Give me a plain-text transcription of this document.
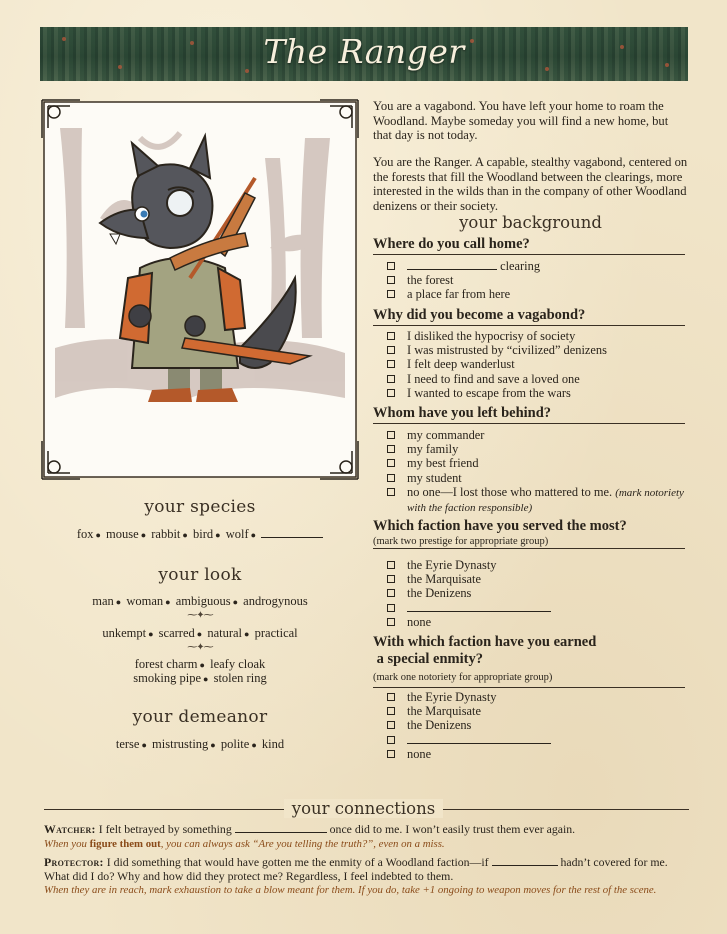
The Ranger
your species
fox ● mouse ● rabbit ● bird ● wolf ●
your look
man ● woman ● ambiguous ● androgynous
⁓✦⁓
unkempt ● scarred ● natural ● practical
⁓✦⁓
forest charm ● leafy cloak
smoking pipe ● stolen ring
your demeanor
terse ● mistrusting ● polite ● kind
You are a vagabond. You have left your home to roam the Woodland. Maybe someday you will find a new home, but that day is not today.
You are the Ranger. A capable, stealthy vagabond, centered on the forests that fill the Woodland between the clearings, more interested in the wilds than in the company of other Woodland denizens or their society.
your background
Where do you call home?
clearing
the forest
a place far from here
Why did you become a vagabond?
I disliked the hypocrisy of society
I was mistrusted by “civilized” denizens
I felt deep wanderlust
I need to find and save a loved one
I wanted to escape from the wars
Whom have you left behind?
my commander
my family
my best friend
my student
no one—I lost those who mattered to me. (mark notoriety with the faction responsible)
Which faction have you served the most?
(mark two prestige for appropriate group)
the Eyrie Dynasty
the Marquisate
the Denizens
none
With which faction have you earned
a special enmity?
(mark one notoriety for appropriate group)
the Eyrie Dynasty
the Marquisate
the Denizens
none
your connections
Watcher: I felt betrayed by something	once did to me. I won’t easily trust them ever again.
When you figure them out, you can always ask “Are you telling the truth?”, even on a miss.
Protector: I did something that would have gotten me the enmity of a Woodland faction—if	hadn’t covered for me. What did I do? Why and how did they protect me? Regardless, I feel indebted to them.
When they are in reach, mark exhaustion to take a blow meant for them. If you do, take +1 ongoing to weapon moves for the rest of the scene.
